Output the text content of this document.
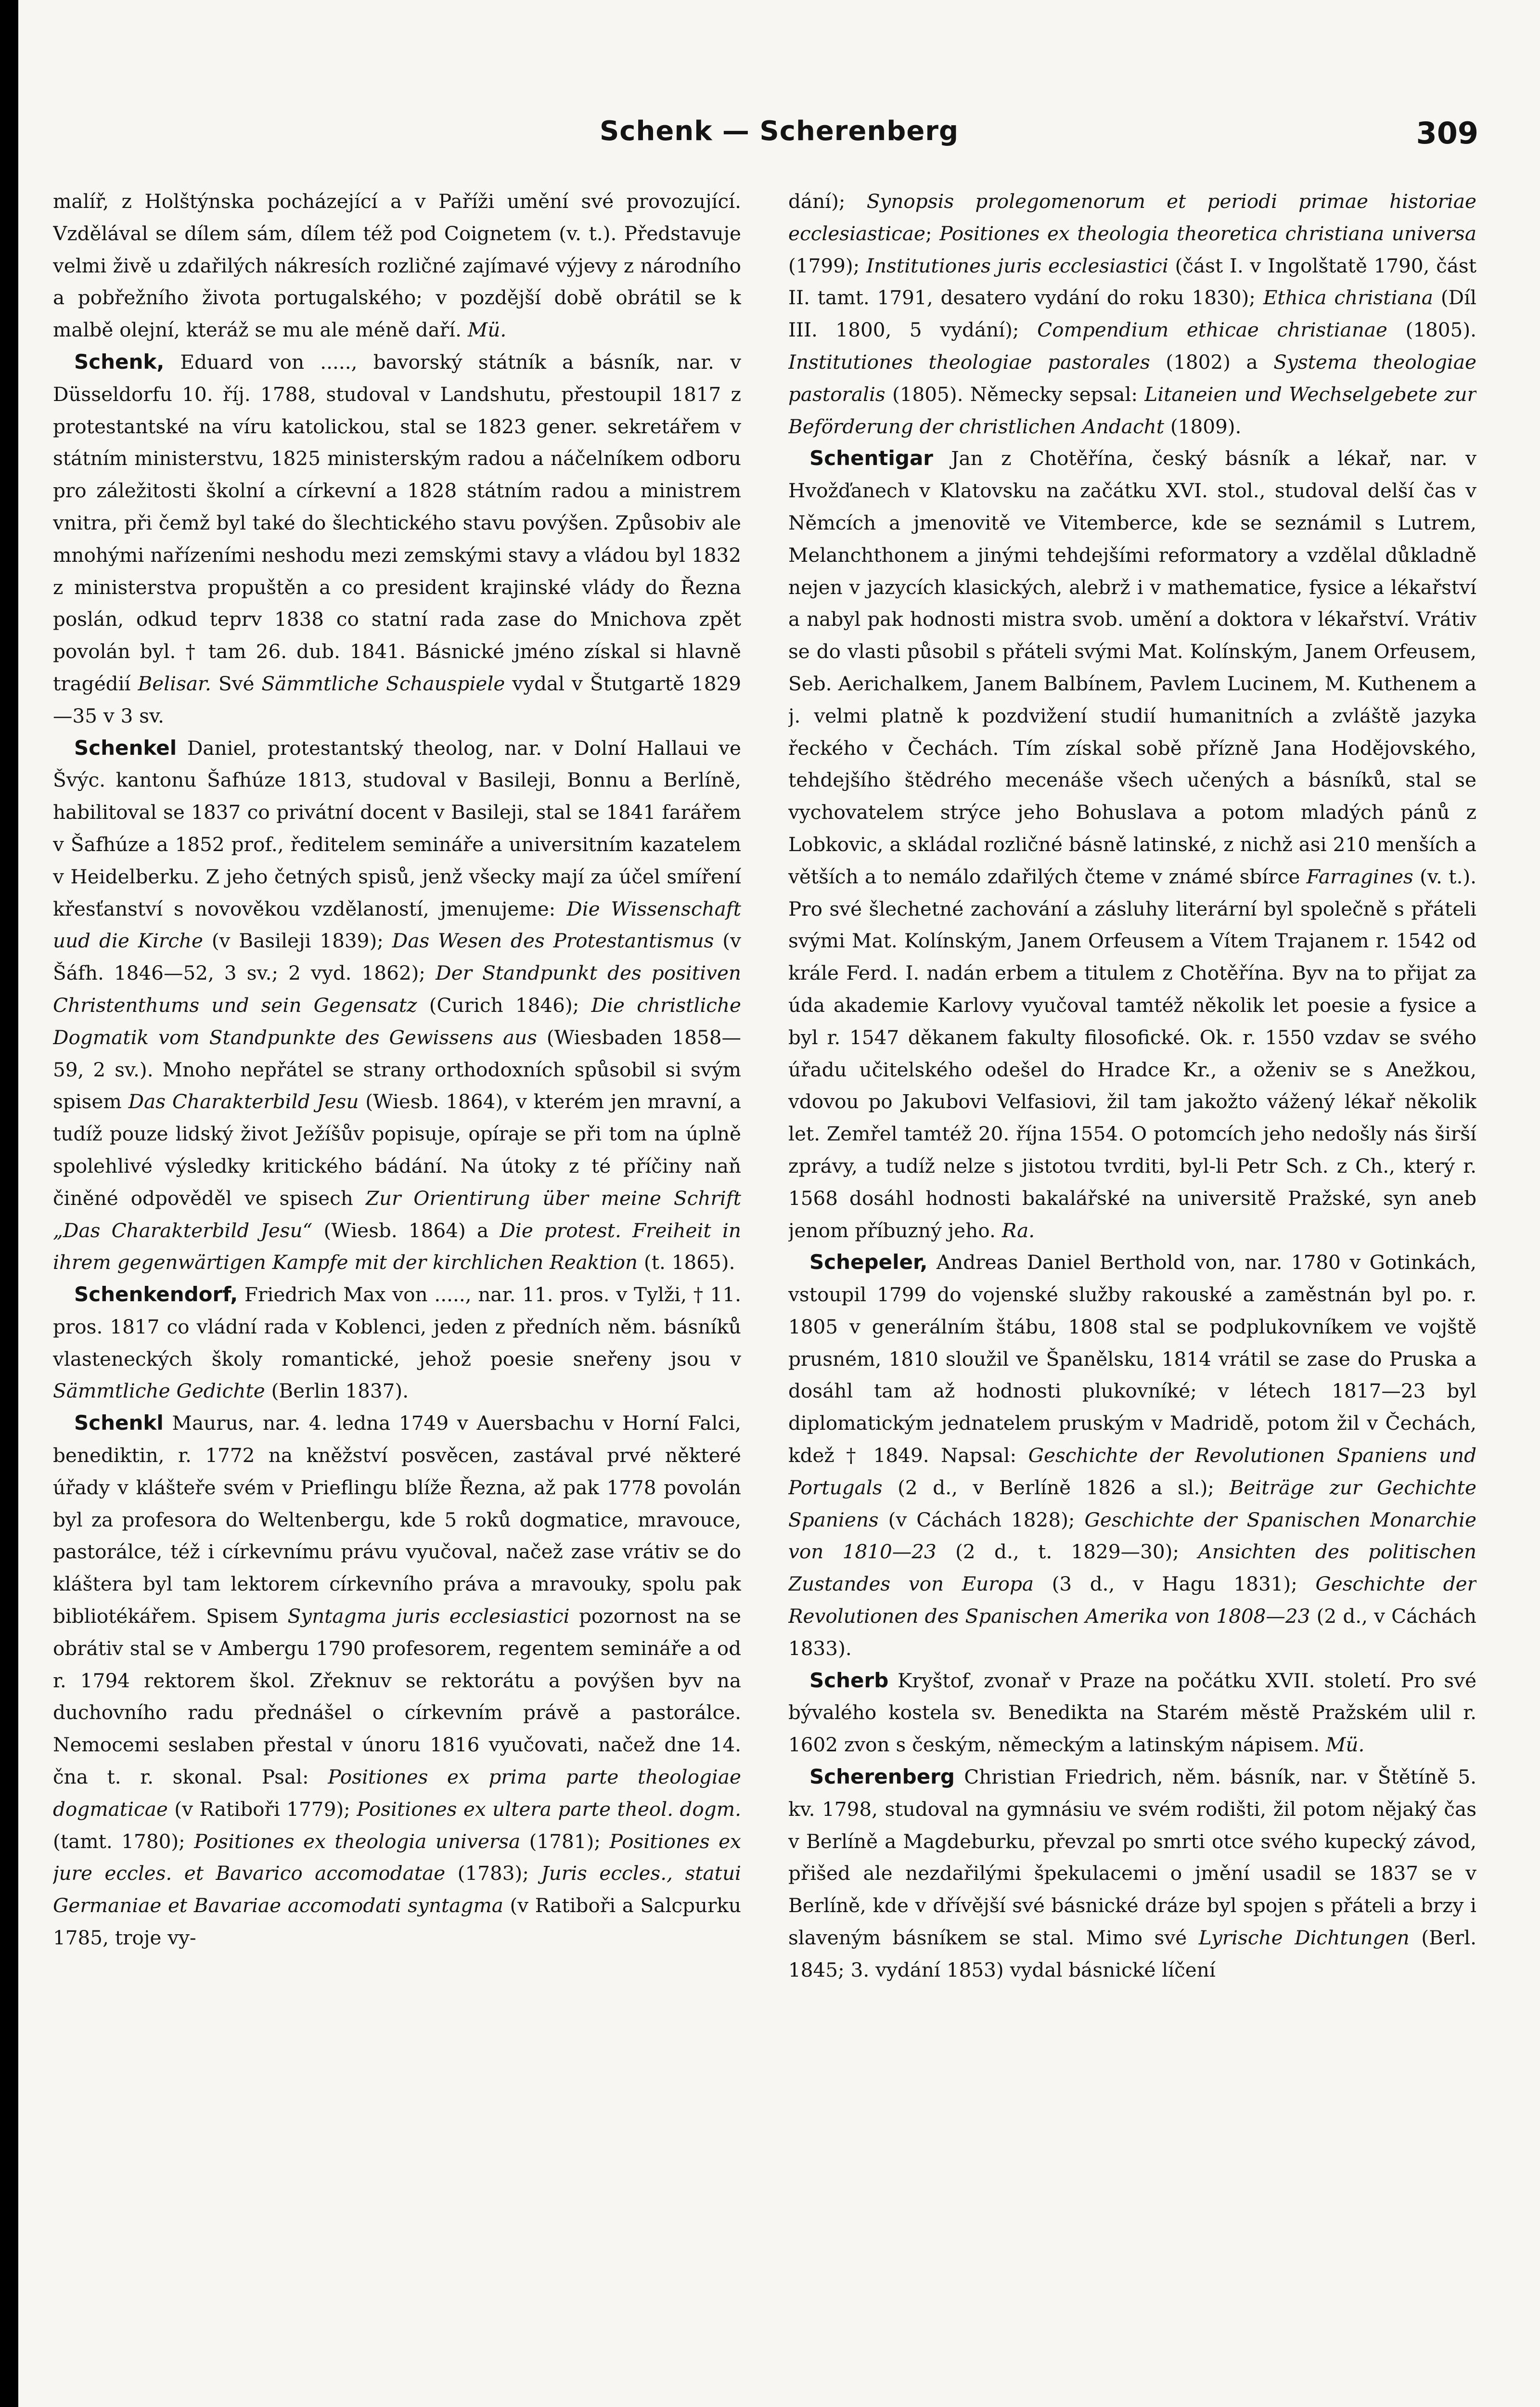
Schenk — Scherenberg	309

malíř, z Holštýnska pocházející a v Paříži umění své provozující. Vzdělával se dílem sám, dílem též pod Coignetem (v. t.). Představuje velmi živě u zdařilých nákresích rozličné zajímavé výjevy z národního a pobřežního života portugalského; v pozdější době obrátil se k malbě olejní, kteráž se mu ale méně daří. Mü.

Schenk, Eduard von ....., bavorský státník a básník, nar. v Düsseldorfu 10. říj. 1788, studoval v Landshutu, přestoupil 1817 z protestantské na víru katolickou, stal se 1823 gener. sekretářem v státním ministerstvu, 1825 ministerským radou a náčelníkem odboru pro záležitosti školní a církevní a 1828 státním radou a ministrem vnitra, při čemž byl také do šlechtického stavu povýšen. Způsobiv ale mnohými nařízeními neshodu mezi zemskými stavy a vládou byl 1832 z ministerstva propuštěn a co president krajinské vlády do Řezna poslán, odkud teprv 1838 co statní rada zase do Mnichova zpět povolán byl. † tam 26. dub. 1841. Básnické jméno získal si hlavně tragédií Belisar. Své Sämmtliche Schauspiele vydal v Štutgartě 1829—35 v 3 sv.

Schenkel Daniel, protestantský theolog, nar. v Dolní Hallaui ve Švýc. kantonu Šafhúze 1813, studoval v Basileji, Bonnu a Berlíně, habilitoval se 1837 co privátní docent v Basileji, stal se 1841 farářem v Šafhúze a 1852 prof., ředitelem semináře a universitním kazatelem v Heidelberku. Z jeho četných spisů, jenž všecky mají za účel smíření křesťanství s novověkou vzdělaností, jmenujeme: Die Wissenschaft uud die Kirche (v Basileji 1839); Das Wesen des Protestantismus (v Šáfh. 1846—52, 3 sv.; 2 vyd. 1862); Der Standpunkt des positiven Christenthums und sein Gegensatz (Curich 1846); Die christliche Dogmatik vom Standpunkte des Gewissens aus (Wiesbaden 1858—59, 2 sv.). Mnoho nepřátel se strany orthodoxních spůsobil si svým spisem Das Charakterbild Jesu (Wiesb. 1864), v kterém jen mravní, a tudíž pouze lidský život Ježíšův popisuje, opíraje se při tom na úplně spolehlivé výsledky kritického bádání. Na útoky z té příčiny naň činěné odpověděl ve spisech Zur Orientirung über meine Schrift „Das Charakterbild Jesu“ (Wiesb. 1864) a Die protest. Freiheit in ihrem gegenwärtigen Kampfe mit der kirchlichen Reaktion (t. 1865).

Schenkendorf, Friedrich Max von ....., nar. 11. pros. v Tylži, † 11. pros. 1817 co vládní rada v Koblenci, jeden z předních něm. básníků vlasteneckých školy romantické, jehož poesie sneřeny jsou v Sämmtliche Gedichte (Berlin 1837).

Schenkl Maurus, nar. 4. ledna 1749 v Auersbachu v Horní Falci, benediktin, r. 1772 na kněžství posvěcen, zastával prvé některé úřady v klášteře svém v Prieflingu blíže Řezna, až pak 1778 povolán byl za profesora do Weltenbergu, kde 5 roků dogmatice, mravouce, pastorálce, též i církevnímu právu vyučoval, načež zase vrátiv se do kláštera byl tam lektorem církevního práva a mravouky, spolu pak bibliotékářem. Spisem Syntagma juris ecclesiastici pozornost na se obrátiv stal se v Ambergu 1790 profesorem, regentem semináře a od r. 1794 rektorem škol. Zřeknuv se rektorátu a povýšen byv na duchovního radu přednášel o církevním právě a pastorálce. Nemocemi seslaben přestal v únoru 1816 vyučovati, načež dne 14. čna t. r. skonal. Psal: Positiones ex prima parte theologiae dogmaticae (v Ratiboři 1779); Positiones ex ultera parte theol. dogm. (tamt. 1780); Positiones ex theologia universa (1781); Positiones ex jure eccles. et Bavarico accomodatae (1783); Juris eccles., statui Germaniae et Bavariae accomodati syntagma (v Ratiboři a Salcpurku 1785, troje vy-

dání); Synopsis prolegomenorum et periodi primae historiae ecclesiasticae; Positiones ex theologia theoretica christiana universa (1799); Institutiones juris ecclesiastici (část I. v Ingolštatě 1790, část II. tamt. 1791, desatero vydání do roku 1830); Ethica christiana (Díl III. 1800, 5 vydání); Compendium ethicae christianae (1805). Institutiones theologiae pastorales (1802) a Systema theologiae pastoralis (1805). Německy sepsal: Litaneien und Wechselgebete zur Beförderung der christlichen Andacht (1809).

Schentigar Jan z Chotěřína, český básník a lékař, nar. v Hvožďanech v Klatovsku na začátku XVI. stol., studoval delší čas v Němcích a jmenovitě ve Vitemberce, kde se seznámil s Lutrem, Melanchthonem a jinými tehdejšími reformatory a vzdělal důkladně nejen v jazycích klasických, alebrž i v mathematice, fysice a lékařství a nabyl pak hodnosti mistra svob. umění a doktora v lékařství. Vrátiv se do vlasti působil s přáteli svými Mat. Kolínským, Janem Orfeusem, Seb. Aerichalkem, Janem Balbínem, Pavlem Lucinem, M. Kuthenem a j. velmi platně k pozdvižení studií humanitních a zvláště jazyka řeckého v Čechách. Tím získal sobě přízně Jana Hodějovského, tehdejšího štědrého mecenáše všech učených a básníků, stal se vychovatelem strýce jeho Bohuslava a potom mladých pánů z Lobkovic, a skládal rozličné básně latinské, z nichž asi 210 menších a větších a to nemálo zdařilých čteme v známé sbírce Farragines (v. t.). Pro své šlechetné zachování a zásluhy literární byl společně s přáteli svými Mat. Kolínským, Janem Orfeusem a Vítem Trajanem r. 1542 od krále Ferd. I. nadán erbem a titulem z Chotěřína. Byv na to přijat za úda akademie Karlovy vyučoval tamtéž několik let poesie a fysice a byl r. 1547 děkanem fakulty filosofické. Ok. r. 1550 vzdav se svého úřadu učitelského odešel do Hradce Kr., a oženiv se s Anežkou, vdovou po Jakubovi Velfasiovi, žil tam jakožto vážený lékař několik let. Zemřel tamtéž 20. října 1554. O potomcích jeho nedošly nás širší zprávy, a tudíž nelze s jistotou tvrditi, byl-li Petr Sch. z Ch., který r. 1568 dosáhl hodnosti bakalářské na universitě Pražské, syn aneb jenom příbuzný jeho. Ra.

Schepeler, Andreas Daniel Berthold von, nar. 1780 v Gotinkách, vstoupil 1799 do vojenské služby rakouské a zaměstnán byl po. r. 1805 v generálním štábu, 1808 stal se podplukovníkem ve vojště prusném, 1810 sloužil ve Španělsku, 1814 vrátil se zase do Pruska a dosáhl tam až hodnosti plukovníké; v létech 1817—23 byl diplomatickým jednatelem pruským v Madridě, potom žil v Čechách, kdež † 1849. Napsal: Geschichte der Revolutionen Spaniens und Portugals (2 d., v Berlíně 1826 a sl.); Beiträge zur Gechichte Spaniens (v Cáchách 1828); Geschichte der Spanischen Monarchie von 1810—23 (2 d., t. 1829—30); Ansichten des politischen Zustandes von Europa (3 d., v Hagu 1831); Geschichte der Revolutionen des Spanischen Amerika von 1808—23 (2 d., v Cáchách 1833).

Scherb Kryštof, zvonař v Praze na počátku XVII. století. Pro své bývalého kostela sv. Benedikta na Starém městě Pražském ulil r. 1602 zvon s českým, německým a latinským nápisem. Mü.

Scherenberg Christian Friedrich, něm. básník, nar. v Štětíně 5. kv. 1798, studoval na gymnásiu ve svém rodišti, žil potom nějaký čas v Berlíně a Magdeburku, převzal po smrti otce svého kupecký závod, přišed ale nezdařilými špekulacemi o jmění usadil se 1837 se v Berlíně, kde v dřívější své básnické dráze byl spojen s přáteli a brzy i slaveným básníkem se stal. Mimo své Lyrische Dichtungen (Berl. 1845; 3. vydání 1853) vydal básnické líčení
